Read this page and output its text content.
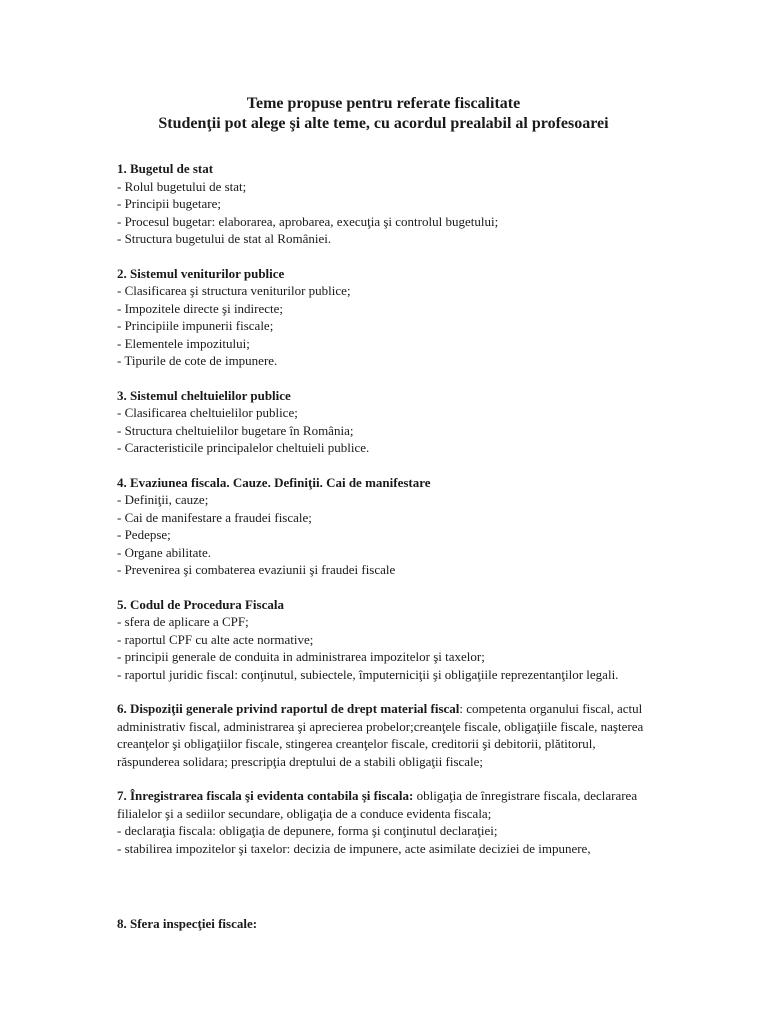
Teme propuse pentru referate fiscalitate

Studenţii pot alege şi alte teme, cu acordul prealabil al profesoarei

1. Bugetul de stat

- Rolul bugetului de stat;

- Principii bugetare;

- Procesul bugetar: elaborarea, aprobarea, execuţia şi controlul bugetului;

- Structura bugetului de stat al României.

2. Sistemul veniturilor publice

- Clasificarea şi structura veniturilor publice;

- Impozitele directe şi indirecte;

- Principiile impunerii fiscale;

- Elementele impozitului;

- Tipurile de cote de impunere.

3. Sistemul cheltuielilor publice

- Clasificarea cheltuielilor publice;

- Structura cheltuielilor bugetare în România;

- Caracteristicile principalelor cheltuieli publice.

4. Evaziunea fiscala. Cauze. Definiţii. Cai de manifestare

- Definiţii, cauze;

- Cai de manifestare a fraudei fiscale;

- Pedepse;

- Organe abilitate.

- Prevenirea şi combaterea evaziunii şi fraudei fiscale

5. Codul de Procedura Fiscala

- sfera de aplicare a CPF;

- raportul CPF cu alte acte normative;

- principii generale de conduita in administrarea impozitelor şi taxelor;

- raportul juridic fiscal: conţinutul, subiectele, împuterniciţii şi obligaţiile reprezentanţilor legali.

6. Dispoziţii generale privind raportul de drept material fiscal: competenta organului fiscal, actul administrativ fiscal, administrarea şi aprecierea probelor;creanţele fiscale, obligaţiile fiscale, naşterea creanţelor şi obligaţiilor fiscale, stingerea creanţelor fiscale, creditorii şi debitorii, plătitorul, răspunderea solidara; prescripţia dreptului de a stabili obligaţii fiscale;

7. Înregistrarea fiscala şi evidenta contabila şi fiscala: obligaţia de înregistrare fiscala, declararea filialelor şi a sediilor secundare, obligaţia de a conduce evidenta fiscala;

- declaraţia fiscala: obligaţia de depunere, forma şi conţinutul declaraţiei;

- stabilirea impozitelor şi taxelor: decizia de impunere, acte asimilate deciziei de impunere,

8. Sfera inspecţiei fiscale:
